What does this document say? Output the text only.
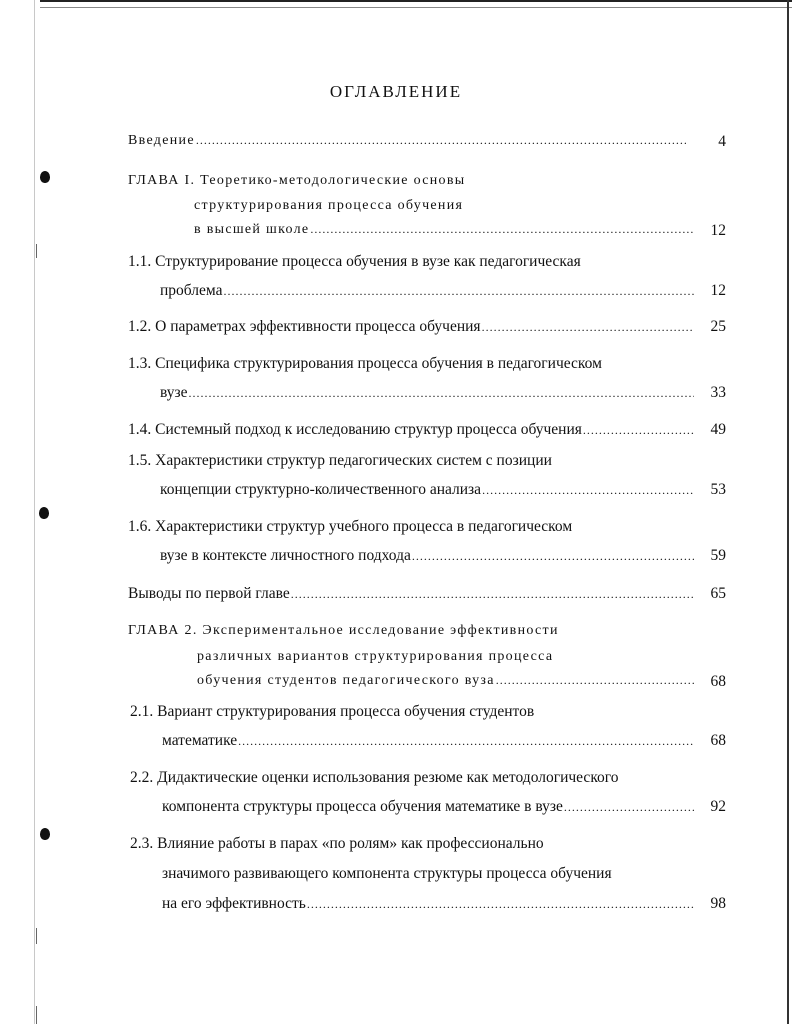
ОГЛАВЛЕНИЕ
Введение .....	4
ГЛАВА I. Теоретико-методологические основы
структурирования процесса обучения
в высшей школе .....	12
1.1. Структурирование процесса обучения в вузе как педагогическая
проблема .....	12
1.2. О параметрах эффективности процесса обучения .....	25
1.3. Специфика структурирования процесса обучения в педагогическом
вузе .....	33
1.4. Системный подход к исследованию структур процесса обучения .....	49
1.5. Характеристики структур педагогических систем с позиции
концепции структурно-количественного анализа .....	53
1.6. Характеристики структур учебного процесса в педагогическом
вузе в контексте личностного подхода .....	59
Выводы по первой главе .....	65
ГЛАВА 2. Экспериментальное исследование эффективности
различных вариантов структурирования процесса
обучения студентов педагогического вуза .....	68
2.1. Вариант структурирования процесса обучения студентов
математике .....	68
2.2. Дидактические оценки использования резюме как методологического
компонента структуры процесса обучения математике в вузе .....	92
2.3. Влияние работы в парах «по ролям» как профессионально
значимого развивающего компонента структуры процесса обучения
на его эффективность .....	98
